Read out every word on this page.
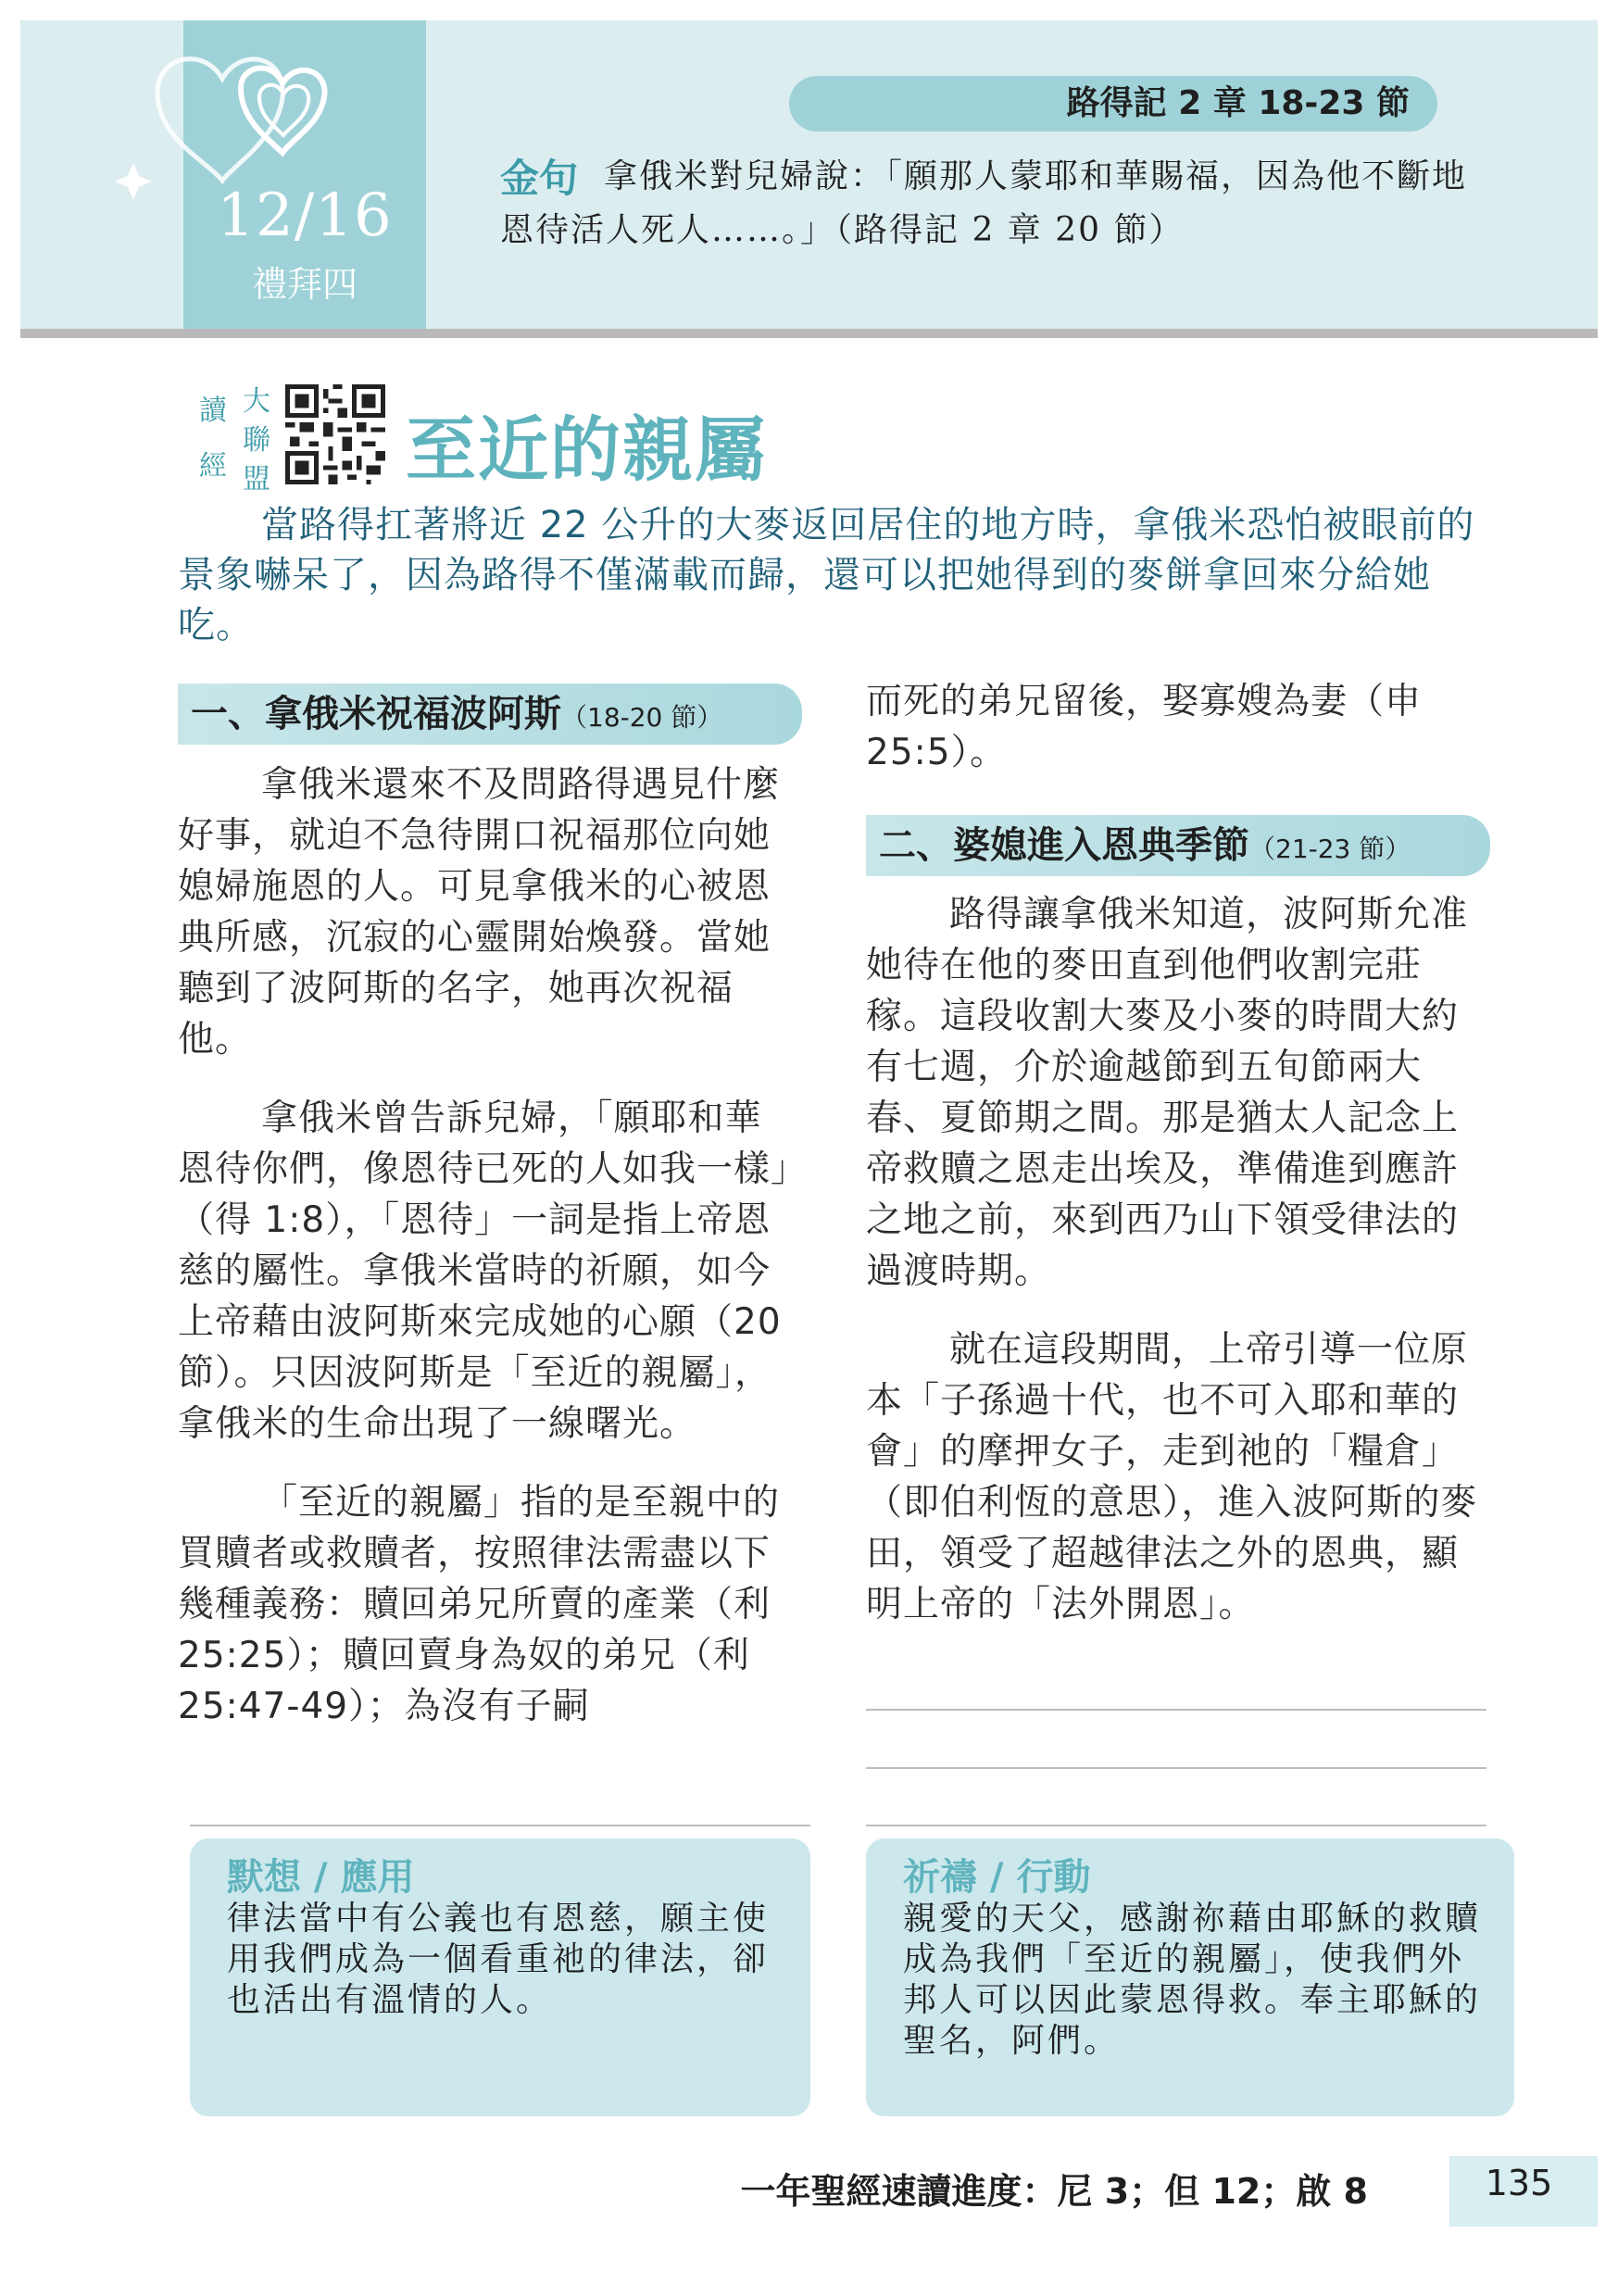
12/16
禮拜四
路得記 2 章 18-23 節
金句 拿俄米對兒婦說：「願那人蒙耶和華賜福，因為他不斷地恩待活人死人……。」（路得記 2 章 20 節）
讀
經
大
聯
盟 至近的親屬
當路得扛著將近 22 公升的大麥返回居住的地方時，拿俄米恐怕被眼前的景象嚇呆了，因為路得不僅滿載而歸，還可以把她得到的麥餅拿回來分給她吃。
一、拿俄米祝福波阿斯（18-20 節）

拿俄米還來不及問路得遇見什麼好事，就迫不急待開口祝福那位向她媳婦施恩的人。可見拿俄米的心被恩典所感，沉寂的心靈開始煥發。當她聽到了波阿斯的名字，她再次祝福他。

拿俄米曾告訴兒婦，「願耶和華恩待你們，像恩待已死的人如我一樣」（得 1:8），「恩待」一詞是指上帝恩慈的屬性。拿俄米當時的祈願，如今上帝藉由波阿斯來完成她的心願（20 節）。只因波阿斯是「至近的親屬」，拿俄米的生命出現了一線曙光。

「至近的親屬」指的是至親中的買贖者或救贖者，按照律法需盡以下幾種義務：贖回弟兄所賣的產業（利 25:25）；贖回賣身為奴的弟兄（利 25:47-49）；為沒有子嗣

而死的弟兄留後，娶寡嫂為妻（申 25:5）。

二、婆媳進入恩典季節（21-23 節）

路得讓拿俄米知道，波阿斯允准她待在他的麥田直到他們收割完莊稼。這段收割大麥及小麥的時間大約有七週，介於逾越節到五旬節兩大春、夏節期之間。那是猶太人記念上帝救贖之恩走出埃及，準備進到應許之地之前，來到西乃山下領受律法的過渡時期。

就在這段期間，上帝引導一位原本「子孫過十代，也不可入耶和華的會」的摩押女子，走到祂的「糧倉」（即伯利恆的意思），進入波阿斯的麥田，領受了超越律法之外的恩典，顯明上帝的「法外開恩」。

默想 / 應用
律法當中有公義也有恩慈，願主使用我們成為一個看重祂的律法，卻也活出有溫情的人。
祈禱 / 行動
親愛的天父，感謝祢藉由耶穌的救贖成為我們「至近的親屬」，使我們外邦人可以因此蒙恩得救。奉主耶穌的聖名，阿們。
一年聖經速讀進度：尼 3；但 12；啟 8	135
